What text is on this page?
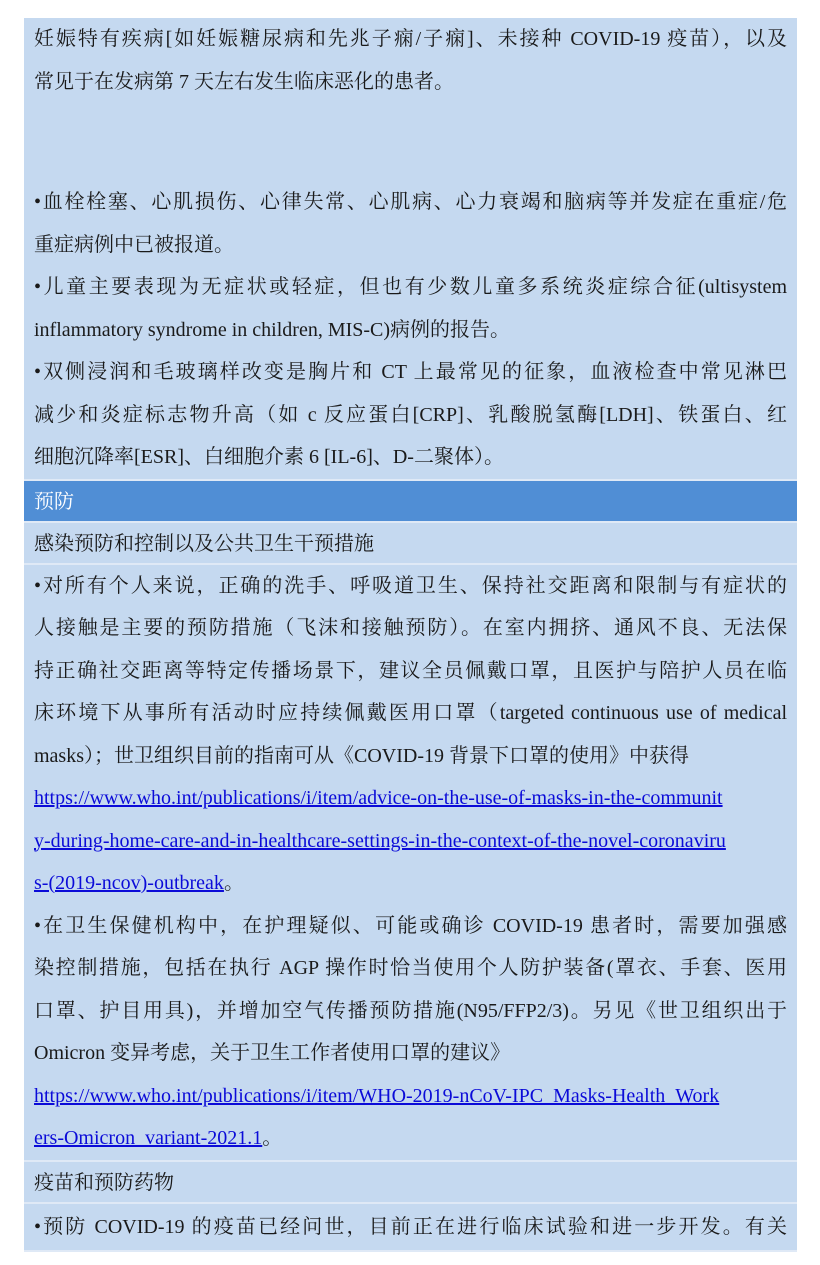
妊娠特有疾病[如妊娠糖尿病和先兆子痫/子痫]、未接种 COVID-19 疫苗），以及
常见于在发病第 7 天左右发生临床恶化的患者。
•血栓栓塞、心肌损伤、心律失常、心肌病、心力衰竭和脑病等并发症在重症/危
重症病例中已被报道。
•儿童主要表现为无症状或轻症，但也有少数儿童多系统炎症综合征(ultisystem
inflammatory syndrome in children, MIS-C)病例的报告。
•双侧浸润和毛玻璃样改变是胸片和 CT 上最常见的征象，血液检查中常见淋巴
减少和炎症标志物升高（如 c 反应蛋白[CRP]、乳酸脱氢酶[LDH]、铁蛋白、红
细胞沉降率[ESR]、白细胞介素 6 [IL-6]、D-二聚体）。
预防
感染预防和控制以及公共卫生干预措施
•对所有个人来说，正确的洗手、呼吸道卫生、保持社交距离和限制与有症状的
人接触是主要的预防措施（飞沫和接触预防）。在室内拥挤、通风不良、无法保
持正确社交距离等特定传播场景下，建议全员佩戴口罩，且医护与陪护人员在临
床环境下从事所有活动时应持续佩戴医用口罩（targeted continuous use of medical
masks）；世卫组织目前的指南可从《COVID-19 背景下口罩的使用》中获得
https://www.who.int/publications/i/item/advice-on-the-use-of-masks-in-the-communit
y-during-home-care-and-in-healthcare-settings-in-the-context-of-the-novel-coronaviru
s-(2019-ncov)-outbreak。
•在卫生保健机构中，在护理疑似、可能或确诊 COVID-19 患者时，需要加强感
染控制措施，包括在执行 AGP 操作时恰当使用个人防护装备(罩衣、手套、医用
口罩、护目用具)，并增加空气传播预防措施(N95/FFP2/3)。另见《世卫组织出于
Omicron 变异考虑，关于卫生工作者使用口罩的建议》
https://www.who.int/publications/i/item/WHO-2019-nCoV-IPC_Masks-Health_Work
ers-Omicron_variant-2021.1。
疫苗和预防药物
•预防 COVID-19 的疫苗已经问世，目前正在进行临床试验和进一步开发。有关
